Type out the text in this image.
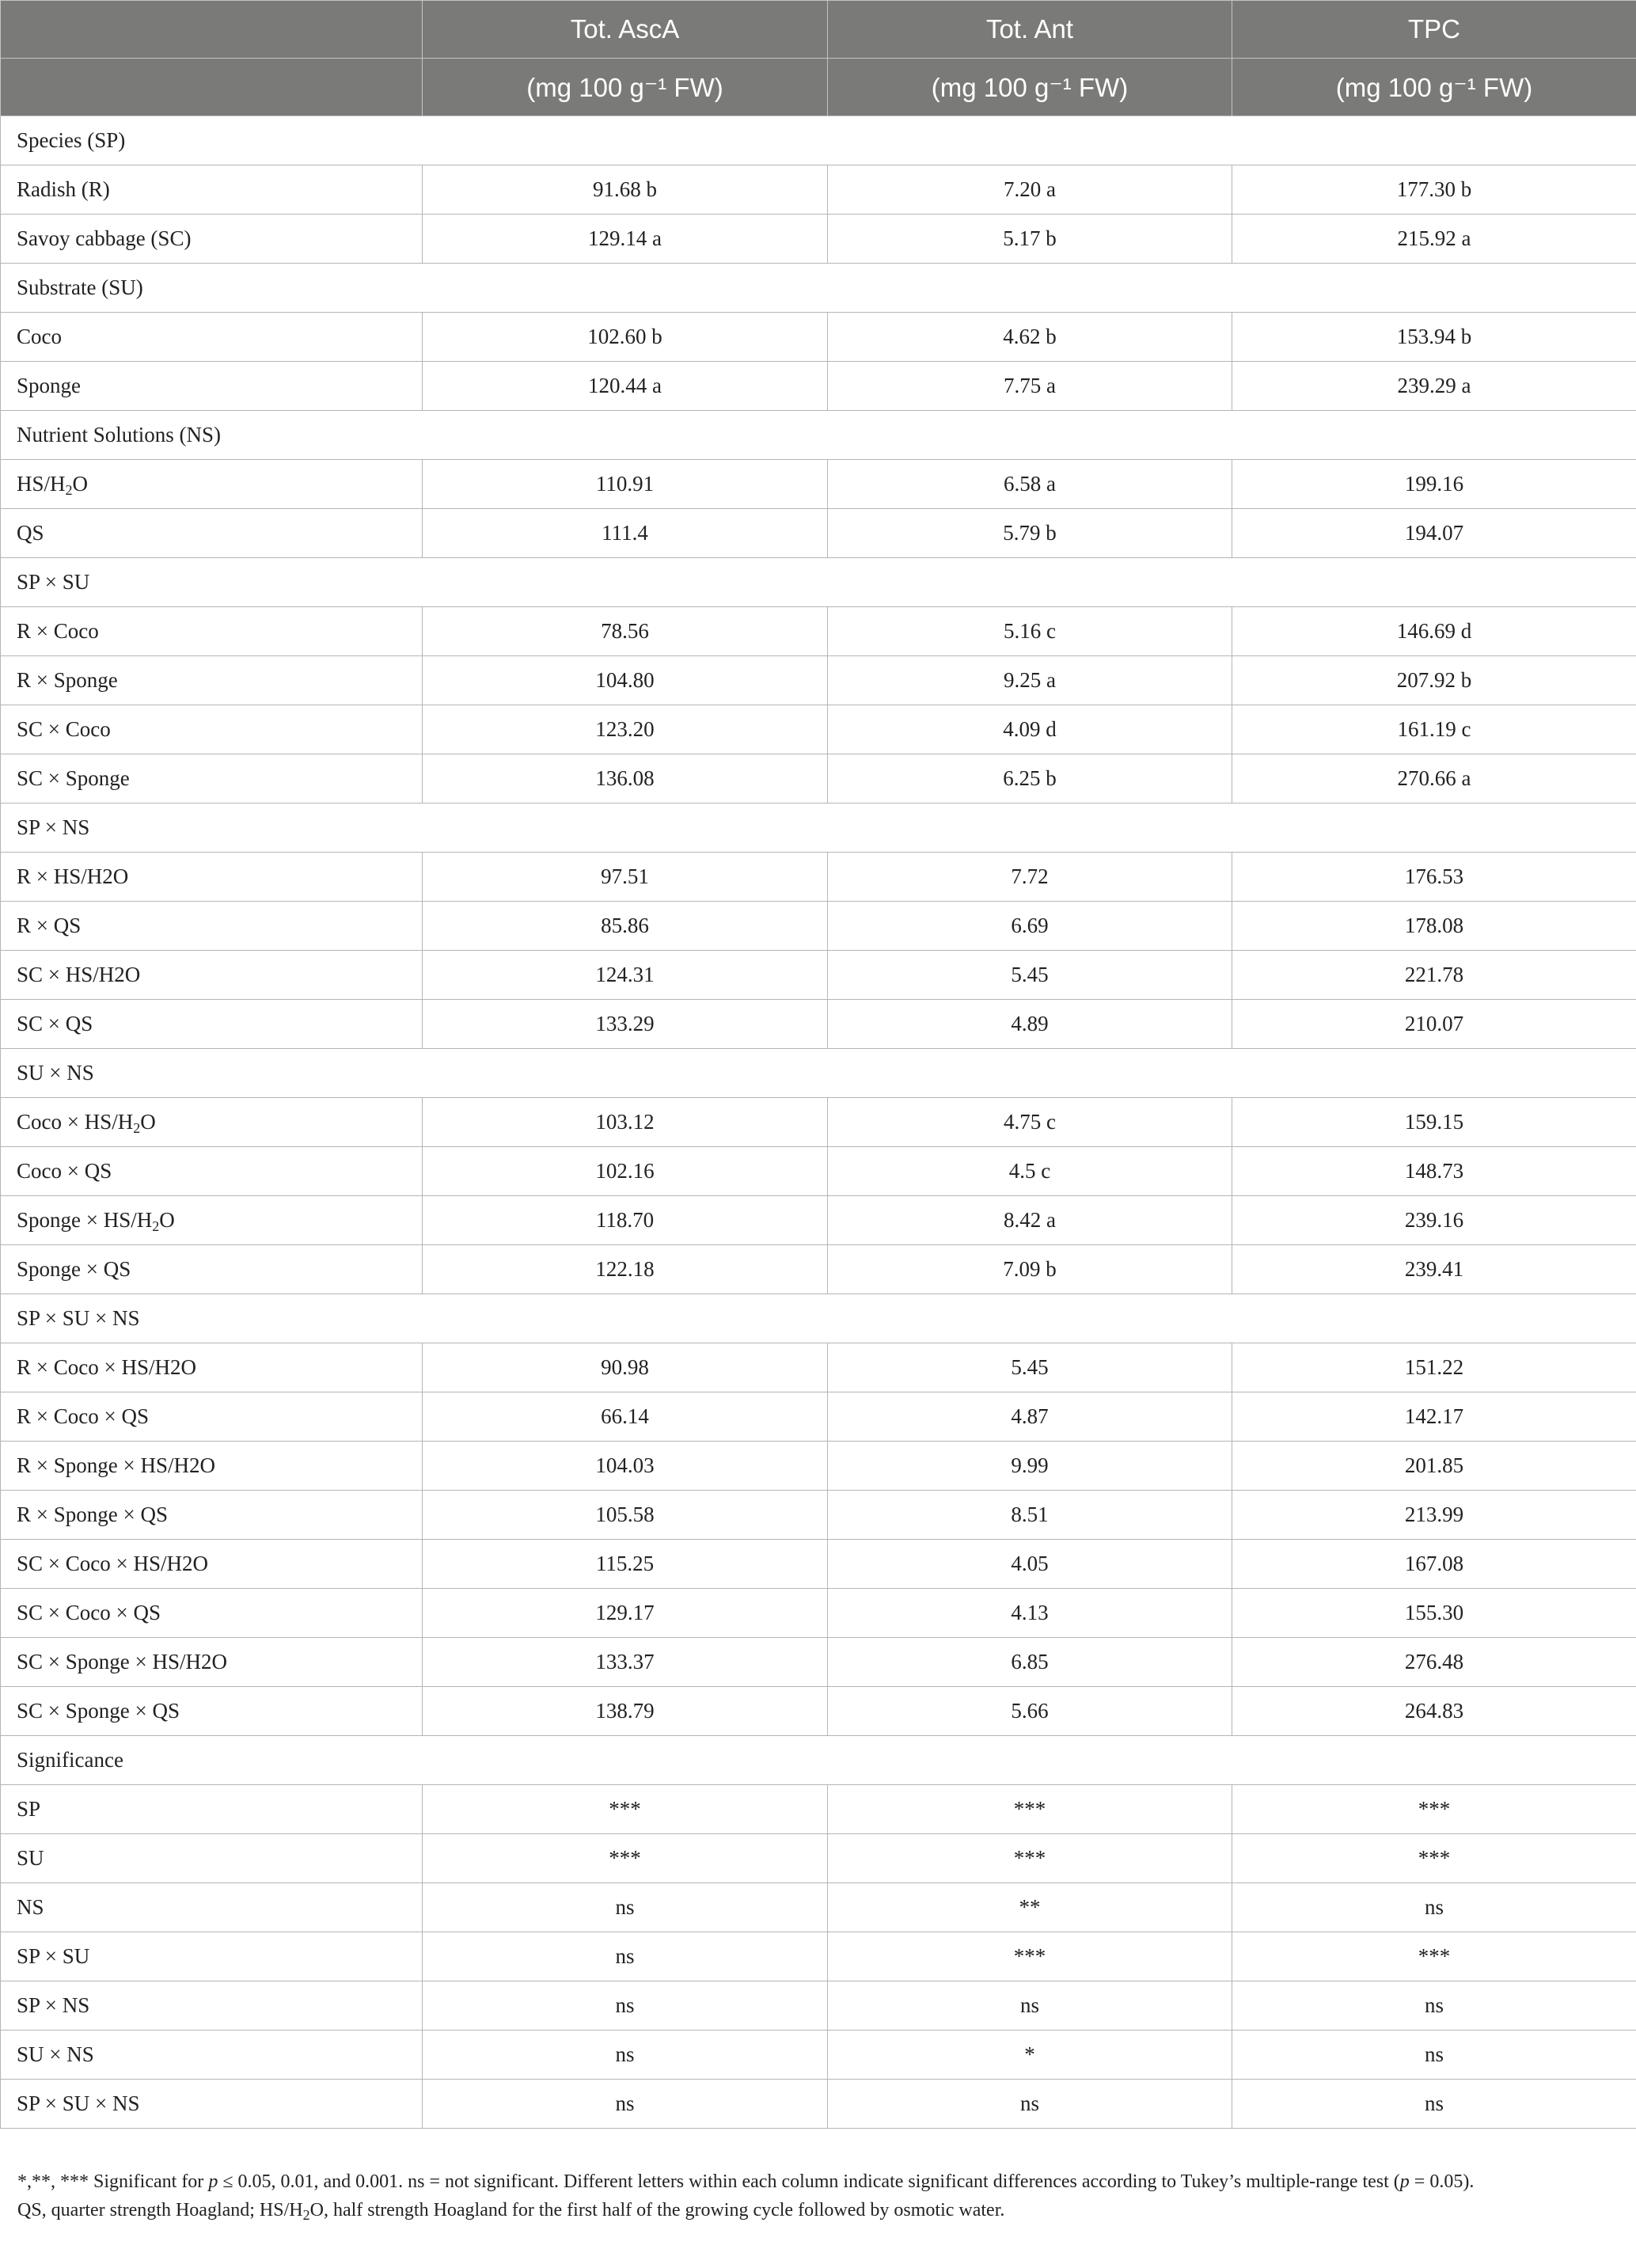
	Tot. AscA	Tot. Ant	TPC
	(mg 100 g⁻¹ FW)	(mg 100 g⁻¹ FW)	(mg 100 g⁻¹ FW)
Species (SP)			
Radish (R)	91.68 b	7.20 a	177.30 b
Savoy cabbage (SC)	129.14 a	5.17 b	215.92 a
Substrate (SU)			
Coco	102.60 b	4.62 b	153.94 b
Sponge	120.44 a	7.75 a	239.29 a
Nutrient Solutions (NS)			
HS/H2O	110.91	6.58 a	199.16
QS	111.4	5.79 b	194.07
SP × SU			
R × Coco	78.56	5.16 c	146.69 d
R × Sponge	104.80	9.25 a	207.92 b
SC × Coco	123.20	4.09 d	161.19 c
SC × Sponge	136.08	6.25 b	270.66 a
SP × NS			
R × HS/H2O	97.51	7.72	176.53
R × QS	85.86	6.69	178.08
SC × HS/H2O	124.31	5.45	221.78
SC × QS	133.29	4.89	210.07
SU × NS			
Coco × HS/H2O	103.12	4.75 c	159.15
Coco × QS	102.16	4.5 c	148.73
Sponge × HS/H2O	118.70	8.42 a	239.16
Sponge × QS	122.18	7.09 b	239.41
SP × SU × NS			
R × Coco × HS/H2O	90.98	5.45	151.22
R × Coco × QS	66.14	4.87	142.17
R × Sponge × HS/H2O	104.03	9.99	201.85
R × Sponge × QS	105.58	8.51	213.99
SC × Coco × HS/H2O	115.25	4.05	167.08
SC × Coco × QS	129.17	4.13	155.30
SC × Sponge × HS/H2O	133.37	6.85	276.48
SC × Sponge × QS	138.79	5.66	264.83
Significance			
SP	***	***	***
SU	***	***	***
NS	ns	**	ns
SP × SU	ns	***	***
SP × NS	ns	ns	ns
SU × NS	ns	*	ns
SP × SU × NS	ns	ns	ns

*,**, *** Significant for p ≤ 0.05, 0.01, and 0.001. ns = not significant. Different letters within each column indicate significant differences according to Tukey’s multiple-range test (p = 0.05).

QS, quarter strength Hoagland; $HS/H_2O$, half strength Hoagland for the first half of the growing cycle followed by osmotic water.
